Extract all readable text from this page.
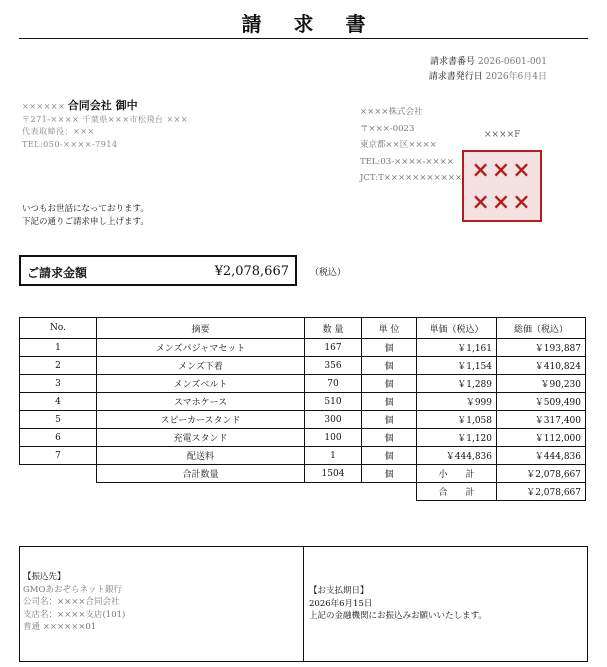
請求書
請求書番号 2026-0601-001
請求書発行日 2026年6月4日
×××××× 合同会社 御中
〒271-×××× 千葉県×××市松飛台 ×××
代表取締役：×××
TEL:050-××××-7914
××××株式会社
〒×××-0023
東京都××区××××
TEL:03-××××-××××
JCT:T×××××××××××
××××F
×××
×××
いつもお世話になっております。
下記の通りご請求申し上げます。
ご請求金額	¥2,078,667 （税込）
No.	摘要	数 量	単 位	単価（税込）	総価（税込）
1	メンズパジャマセット	167	個	￥1,161	￥193,887
2	メンズ下着	356	個	￥1,154	￥410,824
3	メンズベルト	70	個	￥1,289	￥90,230
4	スマホケース	510	個	￥999	￥509,490
5	スピーカースタンド	300	個	￥1,058	￥317,400
6	充電スタンド	100	個	￥1,120	￥112,000
7	配送料	1	個	￥444,836	￥444,836
	合計数量	1504	個	小　　計	￥2,078,667
				合　　計	￥2,078,667
【振込先】
GMOあおぞらネット銀行
公司名：××××合同会社
支店名：××××支店(101)
普通 ××××××01
【お支払期日】
2026年6月15日
上記の金融機関にお振込みお願いいたします。
